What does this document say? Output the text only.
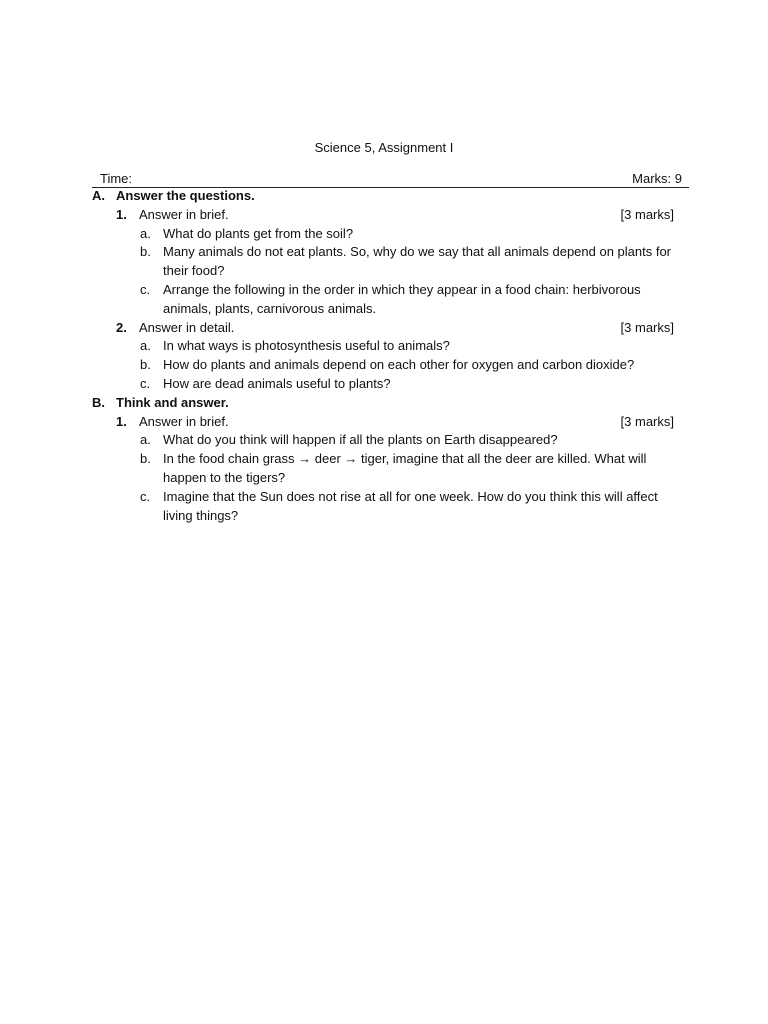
Science 5, Assignment I
Time:	Marks: 9
A. Answer the questions.
1. Answer in brief.	[3 marks]
a. What do plants get from the soil?
b. Many animals do not eat plants. So, why do we say that all animals depend on plants for their food?
c. Arrange the following in the order in which they appear in a food chain: herbivorous animals, plants, carnivorous animals.
2. Answer in detail.	[3 marks]
a. In what ways is photosynthesis useful to animals?
b. How do plants and animals depend on each other for oxygen and carbon dioxide?
c. How are dead animals useful to plants?
B. Think and answer.
1. Answer in brief.	[3 marks]
a. What do you think will happen if all the plants on Earth disappeared?
b. In the food chain grass → deer → tiger, imagine that all the deer are killed. What will happen to the tigers?
c. Imagine that the Sun does not rise at all for one week. How do you think this will affect living things?
